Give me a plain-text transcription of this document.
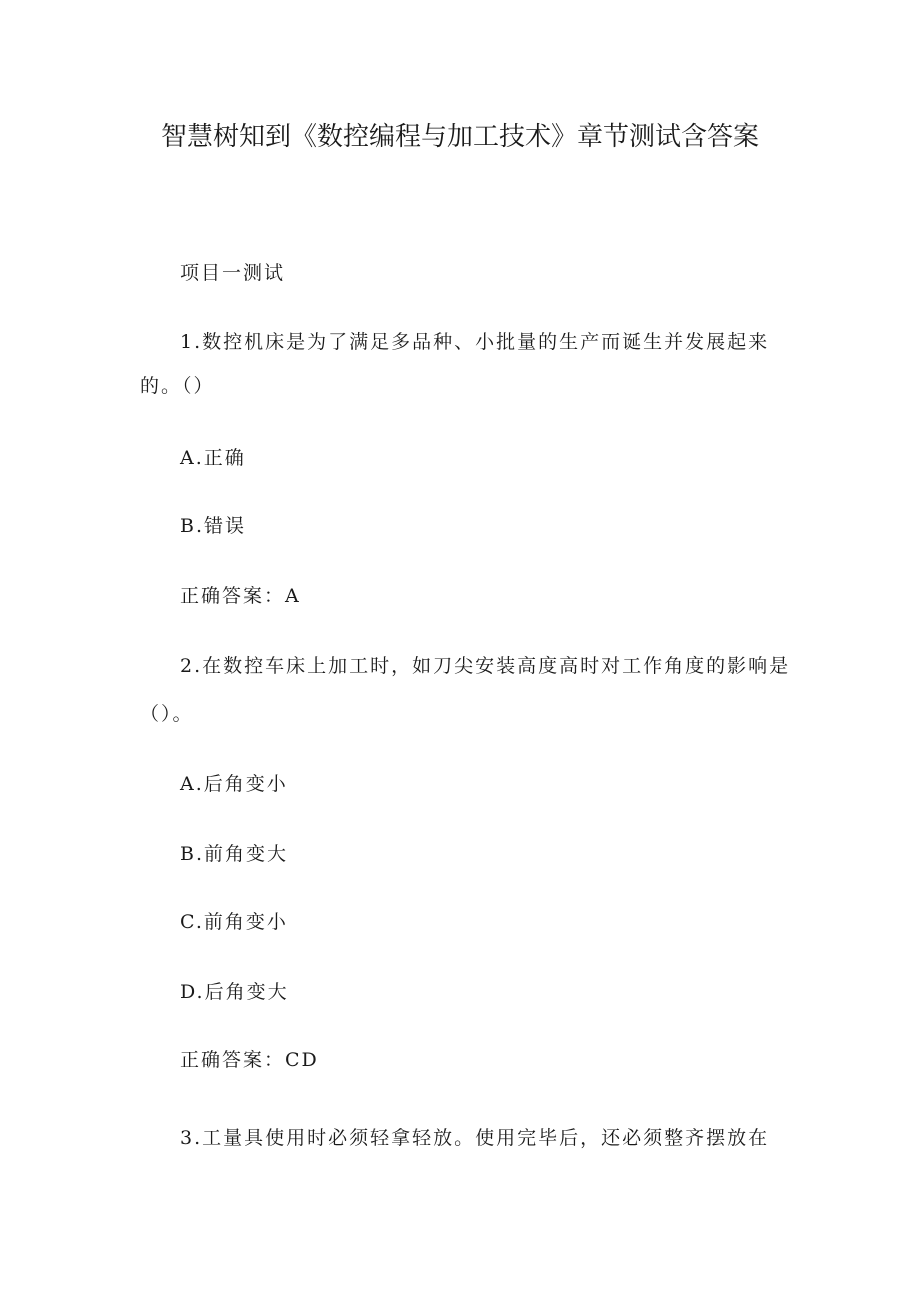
智慧树知到《数控编程与加工技术》章节测试含答案

项目一测试

1.数控机床是为了满足多品种、小批量的生产而诞生并发展起来

的。（）

A.正确

B.错误

正确答案：A

2.在数控车床上加工时，如刀尖安装高度高时对工作角度的影响是

（）。

A.后角变小

B.前角变大

C.前角变小

D.后角变大

正确答案：CD

3.工量具使用时必须轻拿轻放。使用完毕后，还必须整齐摆放在
